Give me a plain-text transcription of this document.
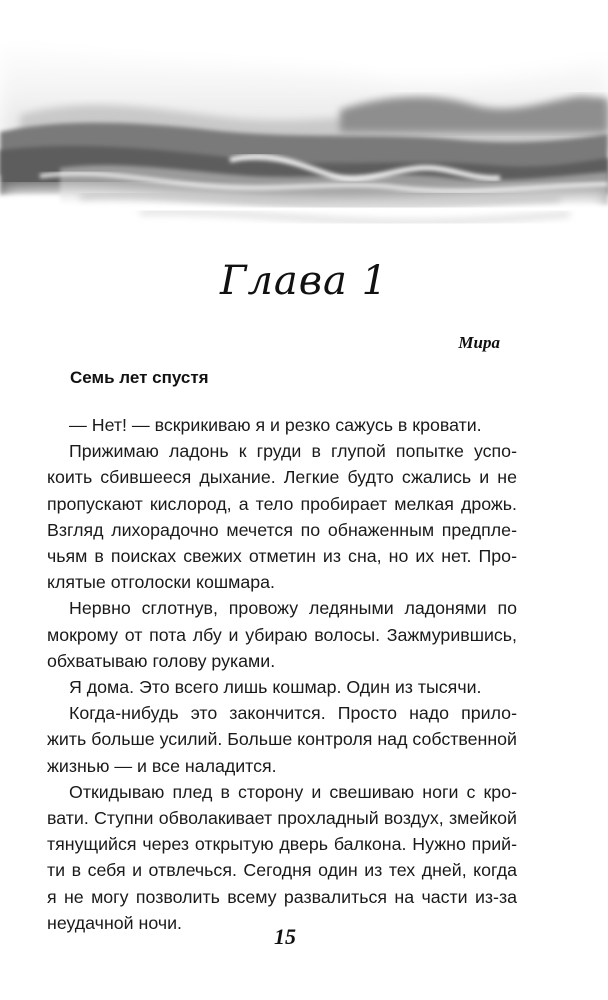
Глава 1
Мира
Семь лет спустя
— Нет! — вскрикиваю я и резко сажусь в кровати.
Прижимаю ладонь к груди в глупой попытке успо-
коить сбившееся дыхание. Легкие будто сжались и не
пропускают кислород, а тело пробирает мелкая дрожь.
Взгляд лихорадочно мечется по обнаженным предпле-
чьям в поисках свежих отметин из сна, но их нет. Про-
клятые отголоски кошмара.
Нервно сглотнув, провожу ледяными ладонями по
мокрому от пота лбу и убираю волосы. Зажмурившись,
обхватываю голову руками.
Я дома. Это всего лишь кошмар. Один из тысячи.
Когда-нибудь это закончится. Просто надо прило-
жить больше усилий. Больше контроля над собственной
жизнью — и все наладится.
Откидываю плед в сторону и свешиваю ноги с кро-
вати. Ступни обволакивает прохладный воздух, змейкой
тянущийся через открытую дверь балкона. Нужно прий-
ти в себя и отвлечься. Сегодня один из тех дней, когда
я не могу позволить всему развалиться на части из-за
неудачной ночи.
15
